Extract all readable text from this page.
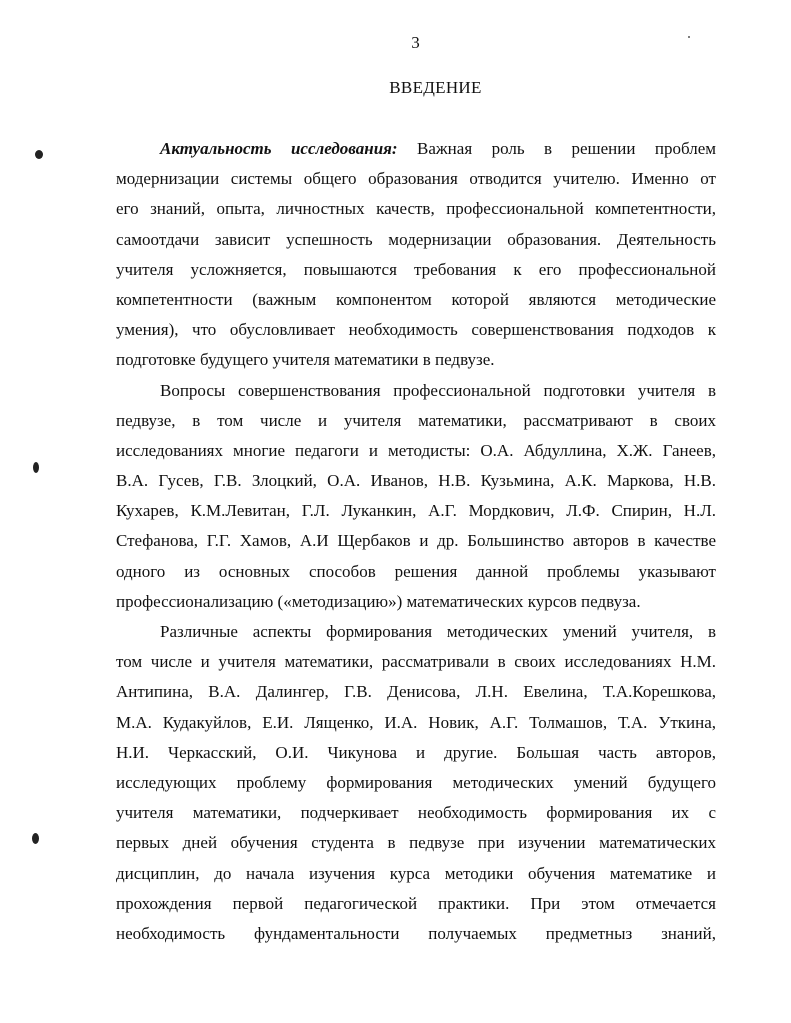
3
ВВЕДЕНИЕ
Актуальность исследования: Важная роль в решении проблем
модернизации системы общего образования отводится учителю. Именно от
его знаний, опыта, личностных качеств, профессиональной компетентности,
самоотдачи зависит успешность модернизации образования. Деятельность
учителя усложняется, повышаются требования к его профессиональной
компетентности (важным компонентом которой являются методические
умения), что обусловливает необходимость совершенствования подходов к
подготовке будущего учителя математики в педвузе.
Вопросы совершенствования профессиональной подготовки учителя в
педвузе, в том числе и учителя математики, рассматривают в своих
исследованиях многие педагоги и методисты: О.А. Абдуллина, Х.Ж. Ганеев,
В.А. Гусев, Г.В. Злоцкий, О.А. Иванов, Н.В. Кузьмина, А.К. Маркова, Н.В.
Кухарев, К.М.Левитан, Г.Л. Луканкин, А.Г. Мордкович, Л.Ф. Спирин, Н.Л.
Стефанова, Г.Г. Хамов, А.И Щербаков и др. Большинство авторов в качестве
одного из основных способов решения данной проблемы указывают
профессионализацию («методизацию») математических курсов педвуза.
Различные аспекты формирования методических умений учителя, в
том числе и учителя математики, рассматривали в своих исследованиях Н.М.
Антипина, В.А. Далингер, Г.В. Денисова, Л.Н. Евелина, Т.А.Корешкова,
М.А. Кудакуйлов, Е.И. Лященко, И.А. Новик, А.Г. Толмашов, Т.А. Уткина,
Н.И. Черкасский, О.И. Чикунова и другие. Большая часть авторов,
исследующих проблему формирования методических умений будущего
учителя математики, подчеркивает необходимость формирования их с
первых дней обучения студента в педвузе при изучении математических
дисциплин, до начала изучения курса методики обучения математике и
прохождения первой педагогической практики. При этом отмечается
необходимость фундаментальности получаемых предметныз знаний,
